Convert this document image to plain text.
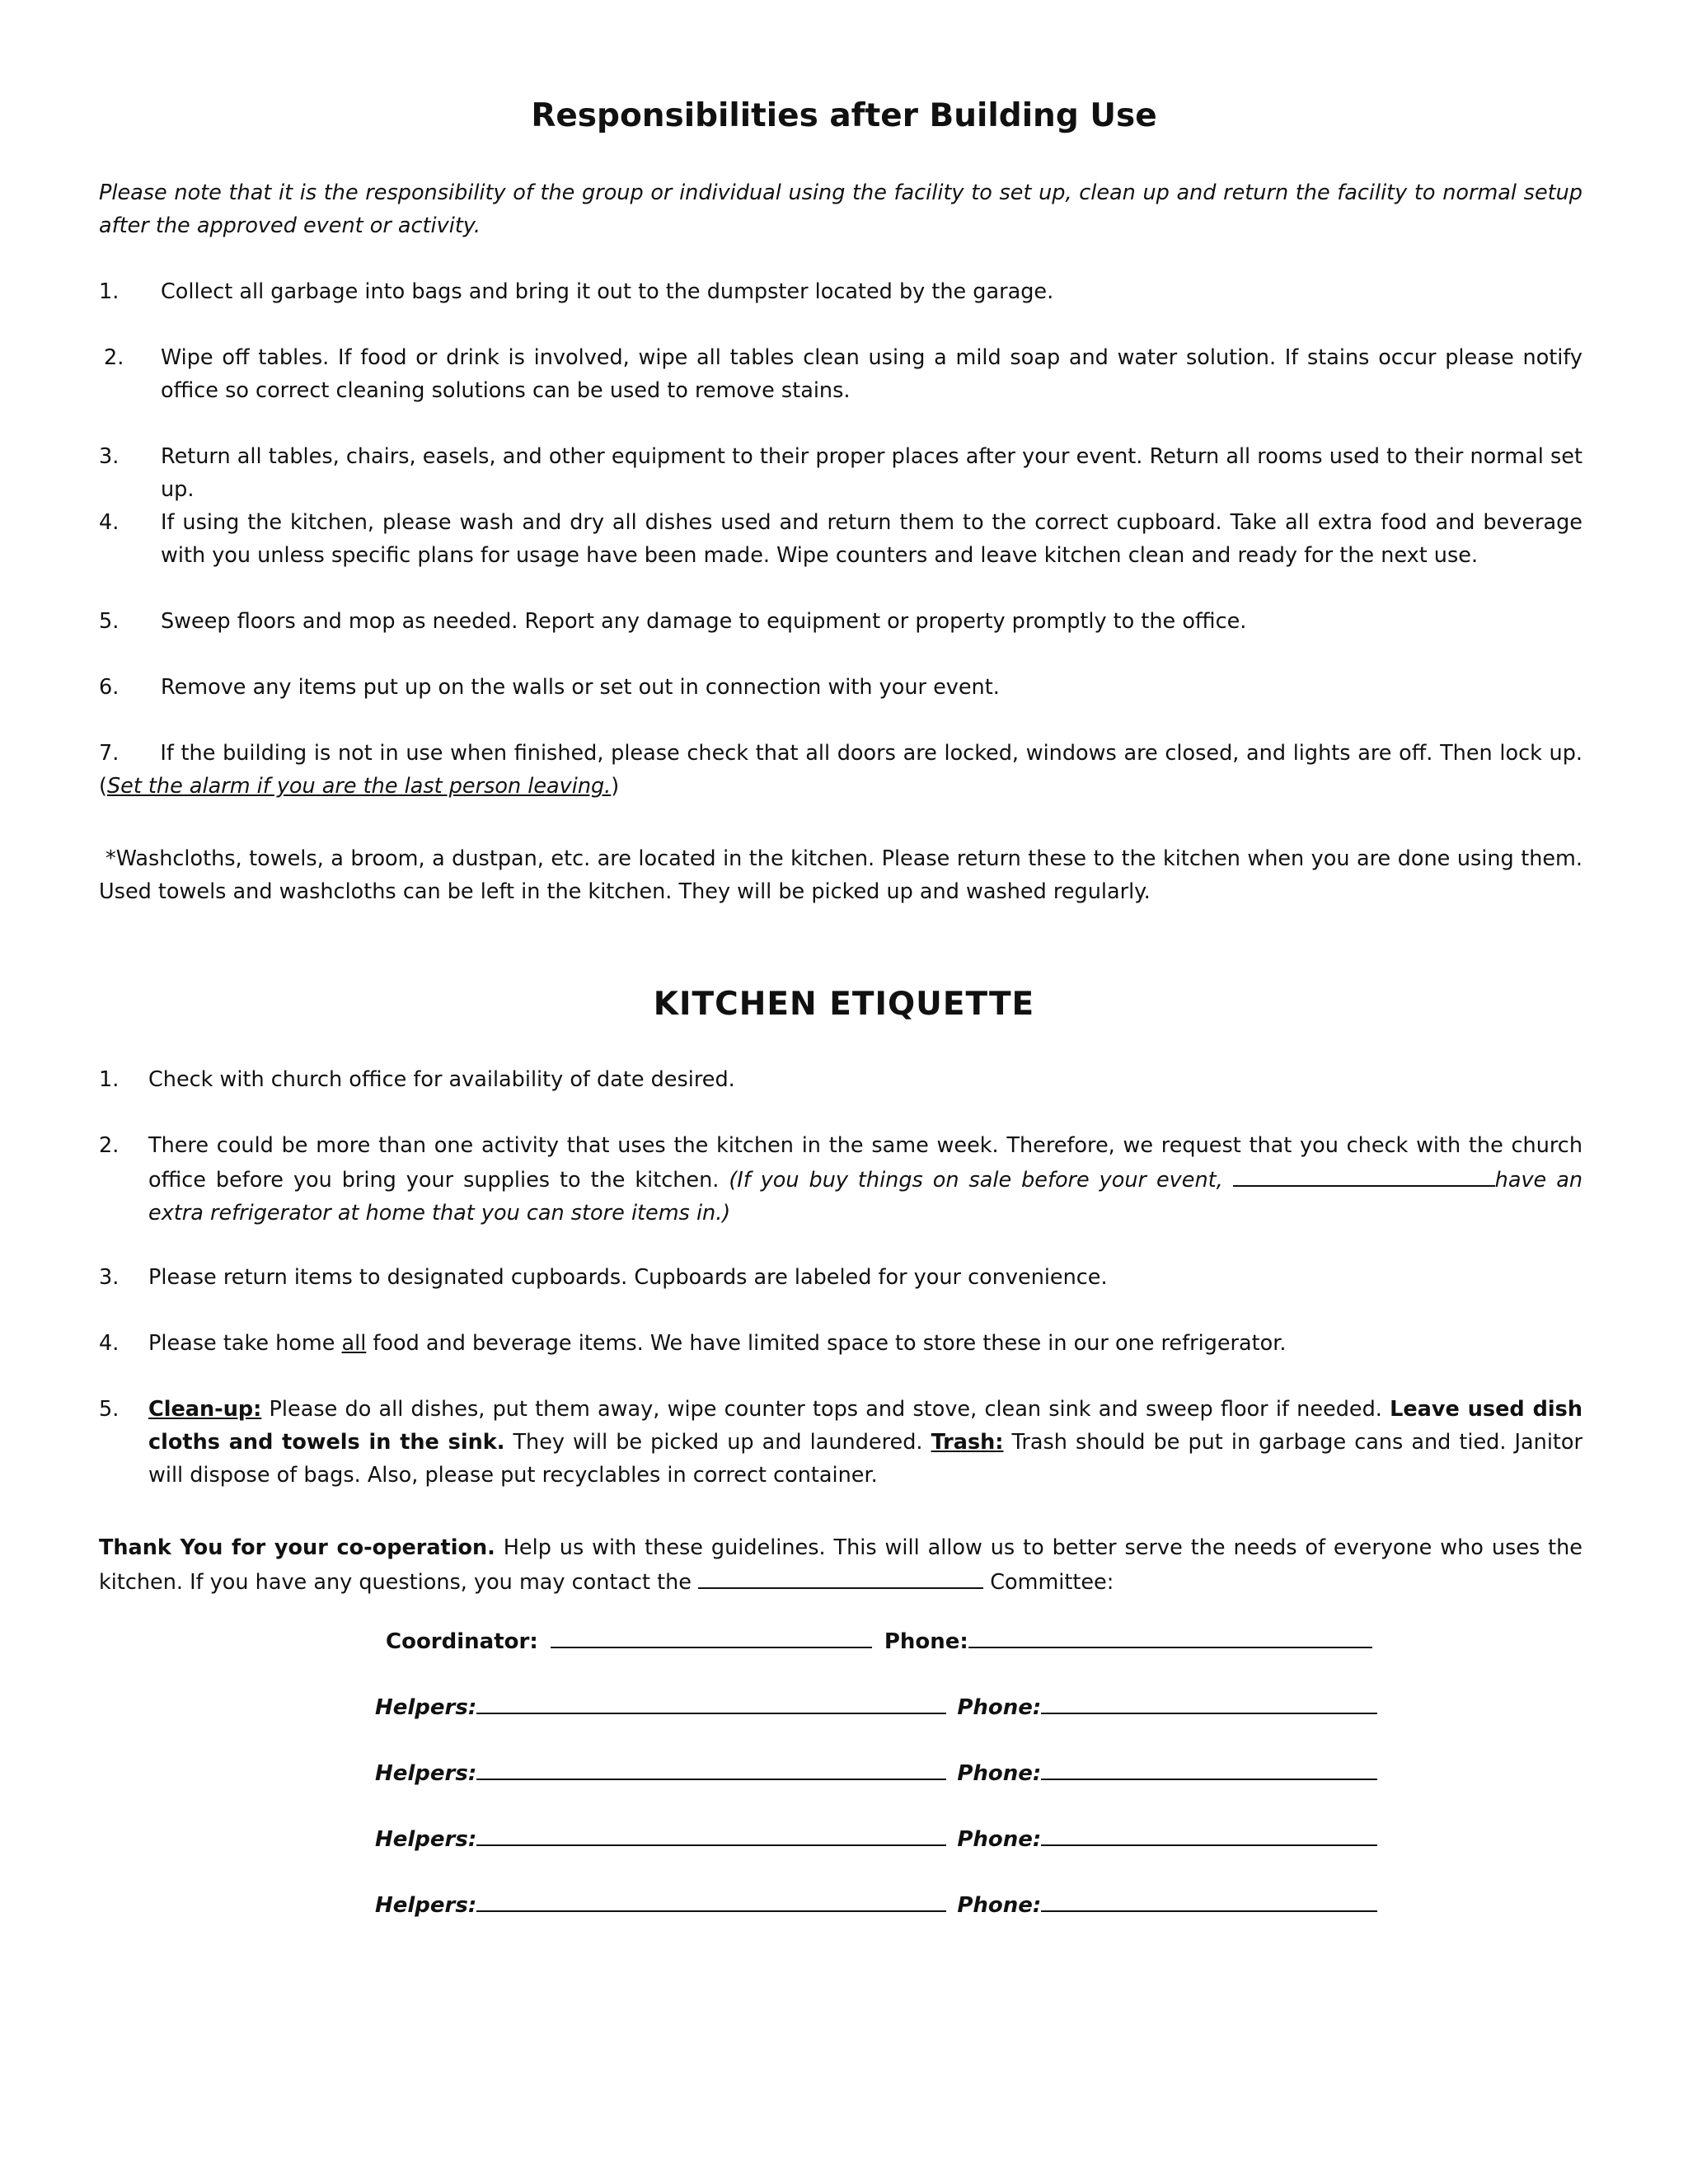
Responsibilities after Building Use

Please note that it is the responsibility of the group or individual using the facility to set up, clean up and return the facility to normal setup after the approved event or activity.

1. Collect all garbage into bags and bring it out to the dumpster located by the garage.
2. Wipe off tables. If food or drink is involved, wipe all tables clean using a mild soap and water solution. If stains occur please notify office so correct cleaning solutions can be used to remove stains.
3. Return all tables, chairs, easels, and other equipment to their proper places after your event. Return all rooms used to their normal set up.
4. If using the kitchen, please wash and dry all dishes used and return them to the correct cupboard. Take all extra food and beverage with you unless specific plans for usage have been made. Wipe counters and leave kitchen clean and ready for the next use.
5. Sweep floors and mop as needed. Report any damage to equipment or property promptly to the office.
6. Remove any items put up on the walls or set out in connection with your event.

7. If the building is not in use when finished, please check that all doors are locked, windows are closed, and lights are off. Then lock up. (Set the alarm if you are the last person leaving.)

*Washcloths, towels, a broom, a dustpan, etc. are located in the kitchen. Please return these to the kitchen when you are done using them. Used towels and washcloths can be left in the kitchen. They will be picked up and washed regularly.

KITCHEN ETIQUETTE
1. Check with church office for availability of date desired.
2. There could be more than one activity that uses the kitchen in the same week. Therefore, we request that you check with the church office before you bring your supplies to the kitchen. (If you buy things on sale before your event,	have an extra refrigerator at home that you can store items in.)
3. Please return items to designated cupboards. Cupboards are labeled for your convenience.
4. Please take home all food and beverage items. We have limited space to store these in our one refrigerator.
5. Clean-up: Please do all dishes, put them away, wipe counter tops and stove, clean sink and sweep floor if needed. Leave used dish cloths and towels in the sink. They will be picked up and laundered. Trash: Trash should be put in garbage cans and tied. Janitor will dispose of bags. Also, please put recyclables in correct container.

Thank You for your co-operation. Help us with these guidelines. This will allow us to better serve the needs of everyone who uses the kitchen. If you have any questions, you may contact the	Committee:

Coordinator:	Phone:
Helpers:	Phone:
Helpers:	Phone:
Helpers:	Phone:
Helpers:	Phone:
